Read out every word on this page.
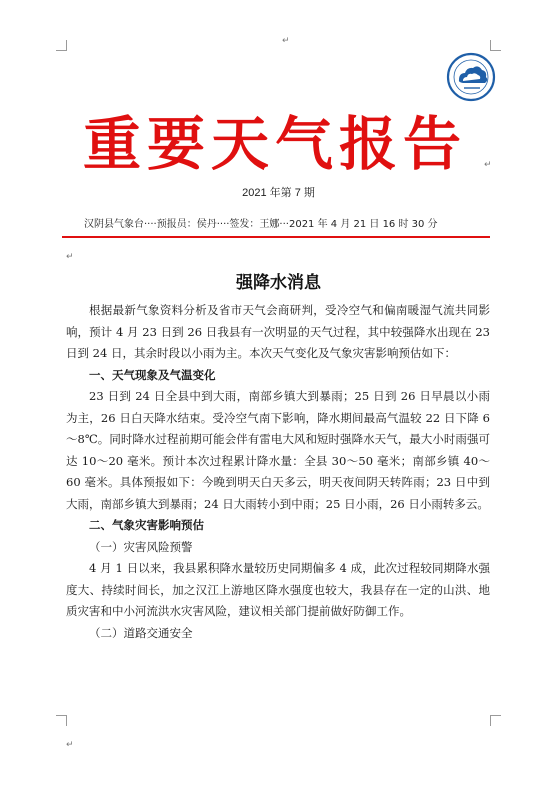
↵
↵
↵
↵
重要天气报告
2021 年第 7 期
汉阴县气象台····预报员：侯丹····签发：王娜···2021 年 4 月 21 日 16 时 30 分
强降水消息

根据最新气象资料分析及省市天气会商研判，受冷空气和偏南暖湿气流共同影响，预计 4 月 23 日到 26 日我县有一次明显的天气过程，其中较强降水出现在 23 日到 24 日，其余时段以小雨为主。本次天气变化及气象灾害影响预估如下：

一、天气现象及气温变化

23 日到 24 日全县中到大雨，南部乡镇大到暴雨；25 日到 26 日早晨以小雨为主，26 日白天降水结束。受冷空气南下影响，降水期间最高气温较 22 日下降 6～8℃。同时降水过程前期可能会伴有雷电大风和短时强降水天气，最大小时雨强可达 10～20 毫米。预计本次过程累计降水量：全县 30～50 毫米；南部乡镇 40～60 毫米。具体预报如下：今晚到明天白天多云，明天夜间阴天转阵雨；23 日中到大雨，南部乡镇大到暴雨；24 日大雨转小到中雨；25 日小雨，26 日小雨转多云。

二、气象灾害影响预估
（一）灾害风险预警

4 月 1 日以来，我县累积降水量较历史同期偏多 4 成，此次过程较同期降水强度大、持续时间长，加之汉江上游地区降水强度也较大，我县存在一定的山洪、地质灾害和中小河流洪水灾害风险，建议相关部门提前做好防御工作。

（二）道路交通安全
